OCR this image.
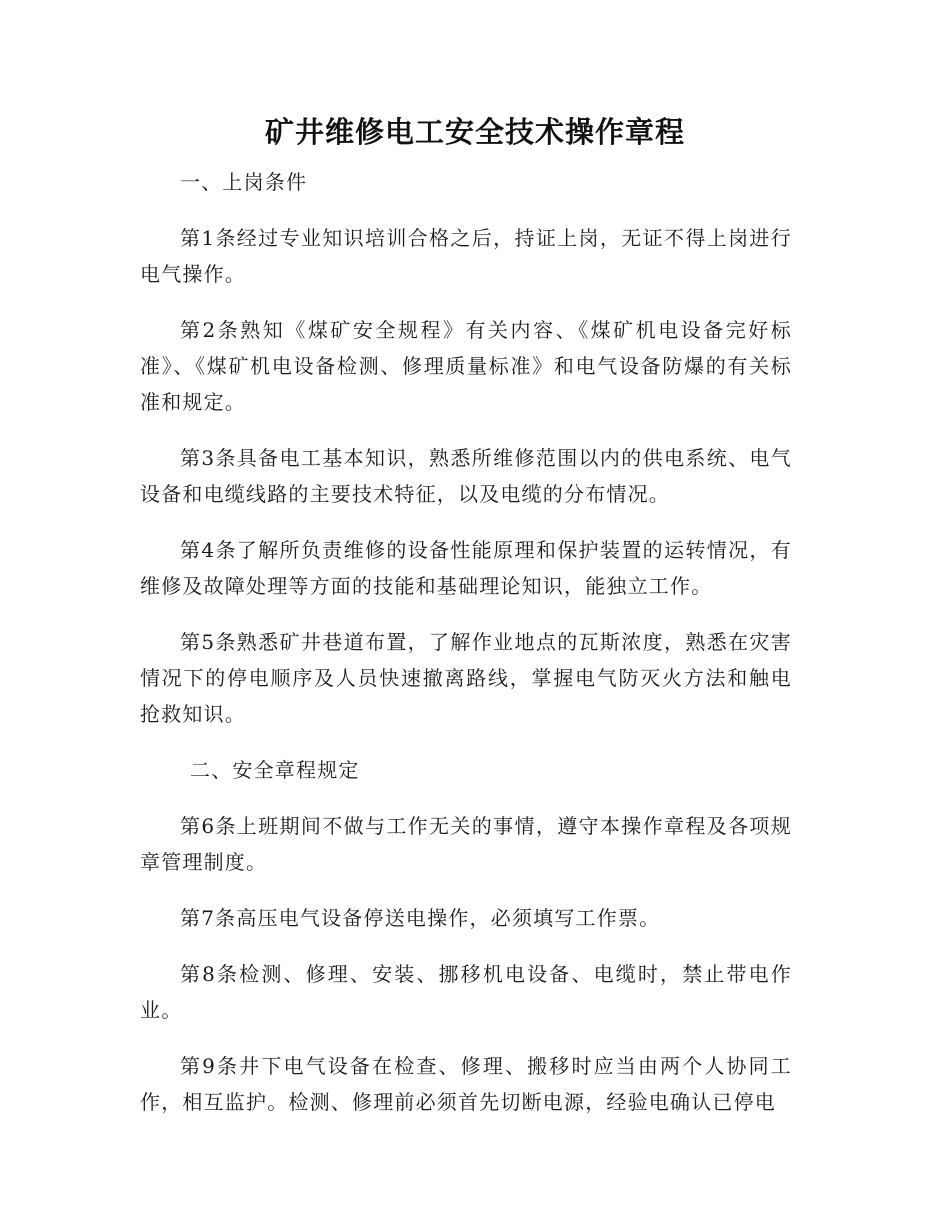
矿井维修电工安全技术操作章程
一、上岗条件

第1条经过专业知识培训合格之后，持证上岗，无证不得上岗进行电气操作。

第2条熟知《煤矿安全规程》有关内容、《煤矿机电设备完好标准》、《煤矿机电设备检测、修理质量标准》和电气设备防爆的有关标准和规定。

第3条具备电工基本知识，熟悉所维修范围以内的供电系统、电气设备和电缆线路的主要技术特征，以及电缆的分布情况。

第4条了解所负责维修的设备性能原理和保护装置的运转情况，有维修及故障处理等方面的技能和基础理论知识，能独立工作。

第5条熟悉矿井巷道布置，了解作业地点的瓦斯浓度，熟悉在灾害情况下的停电顺序及人员快速撤离路线，掌握电气防灭火方法和触电抢救知识。

二、安全章程规定

第6条上班期间不做与工作无关的事情，遵守本操作章程及各项规章管理制度。

第7条高压电气设备停送电操作，必须填写工作票。

第8条检测、修理、安装、挪移机电设备、电缆时，禁止带电作业。

第9条井下电气设备在检查、修理、搬移时应当由两个人协同工作，相互监护。检测、修理前必须首先切断电源，经验电确认已停电
